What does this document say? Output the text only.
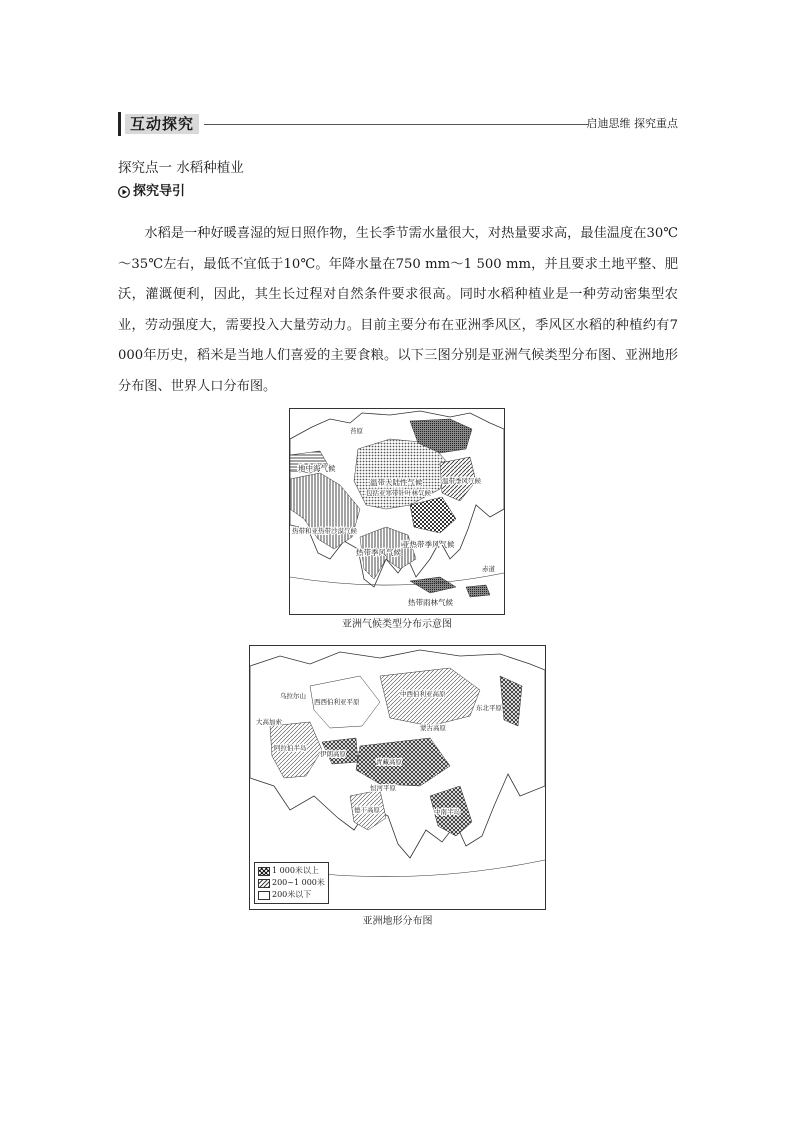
互动探究	启迪思维 探究重点
探究点一 水稻种植业
探究导引

水稻是一种好暖喜湿的短日照作物，生长季节需水量很大，对热量要求高，最佳温度在30℃～35℃左右，最低不宜低于10℃。年降水量在750 mm～1 500 mm，并且要求土地平整、肥沃，灌溉便利，因此，其生长过程对自然条件要求很高。同时水稻种植业是一种劳动密集型农业，劳动强度大，需要投入大量劳动力。目前主要分布在亚洲季风区，季风区水稻的种植约有7 000年历史，稻米是当地人们喜爱的主要食粮。以下三图分别是亚洲气候类型分布图、亚洲地形分布图、世界人口分布图。

地中海气候
温带大陆性气候
包括亚寒带针叶林气候
温带季风气候
亚热带季风气候
热带季风气候
热带和亚热带沙漠气候
热带雨林气候
苔原
赤道
亚洲气候类型分布示意图
乌拉尔山
西西伯利亚平原
中西伯利亚高原
阿拉伯半岛
伊朗高原
青藏高原
蒙古高原
德干高原
恒河平原
中南半岛
东北平原
大高加索
1 000米以上
200~1 000米
200米以下
亚洲地形分布图
